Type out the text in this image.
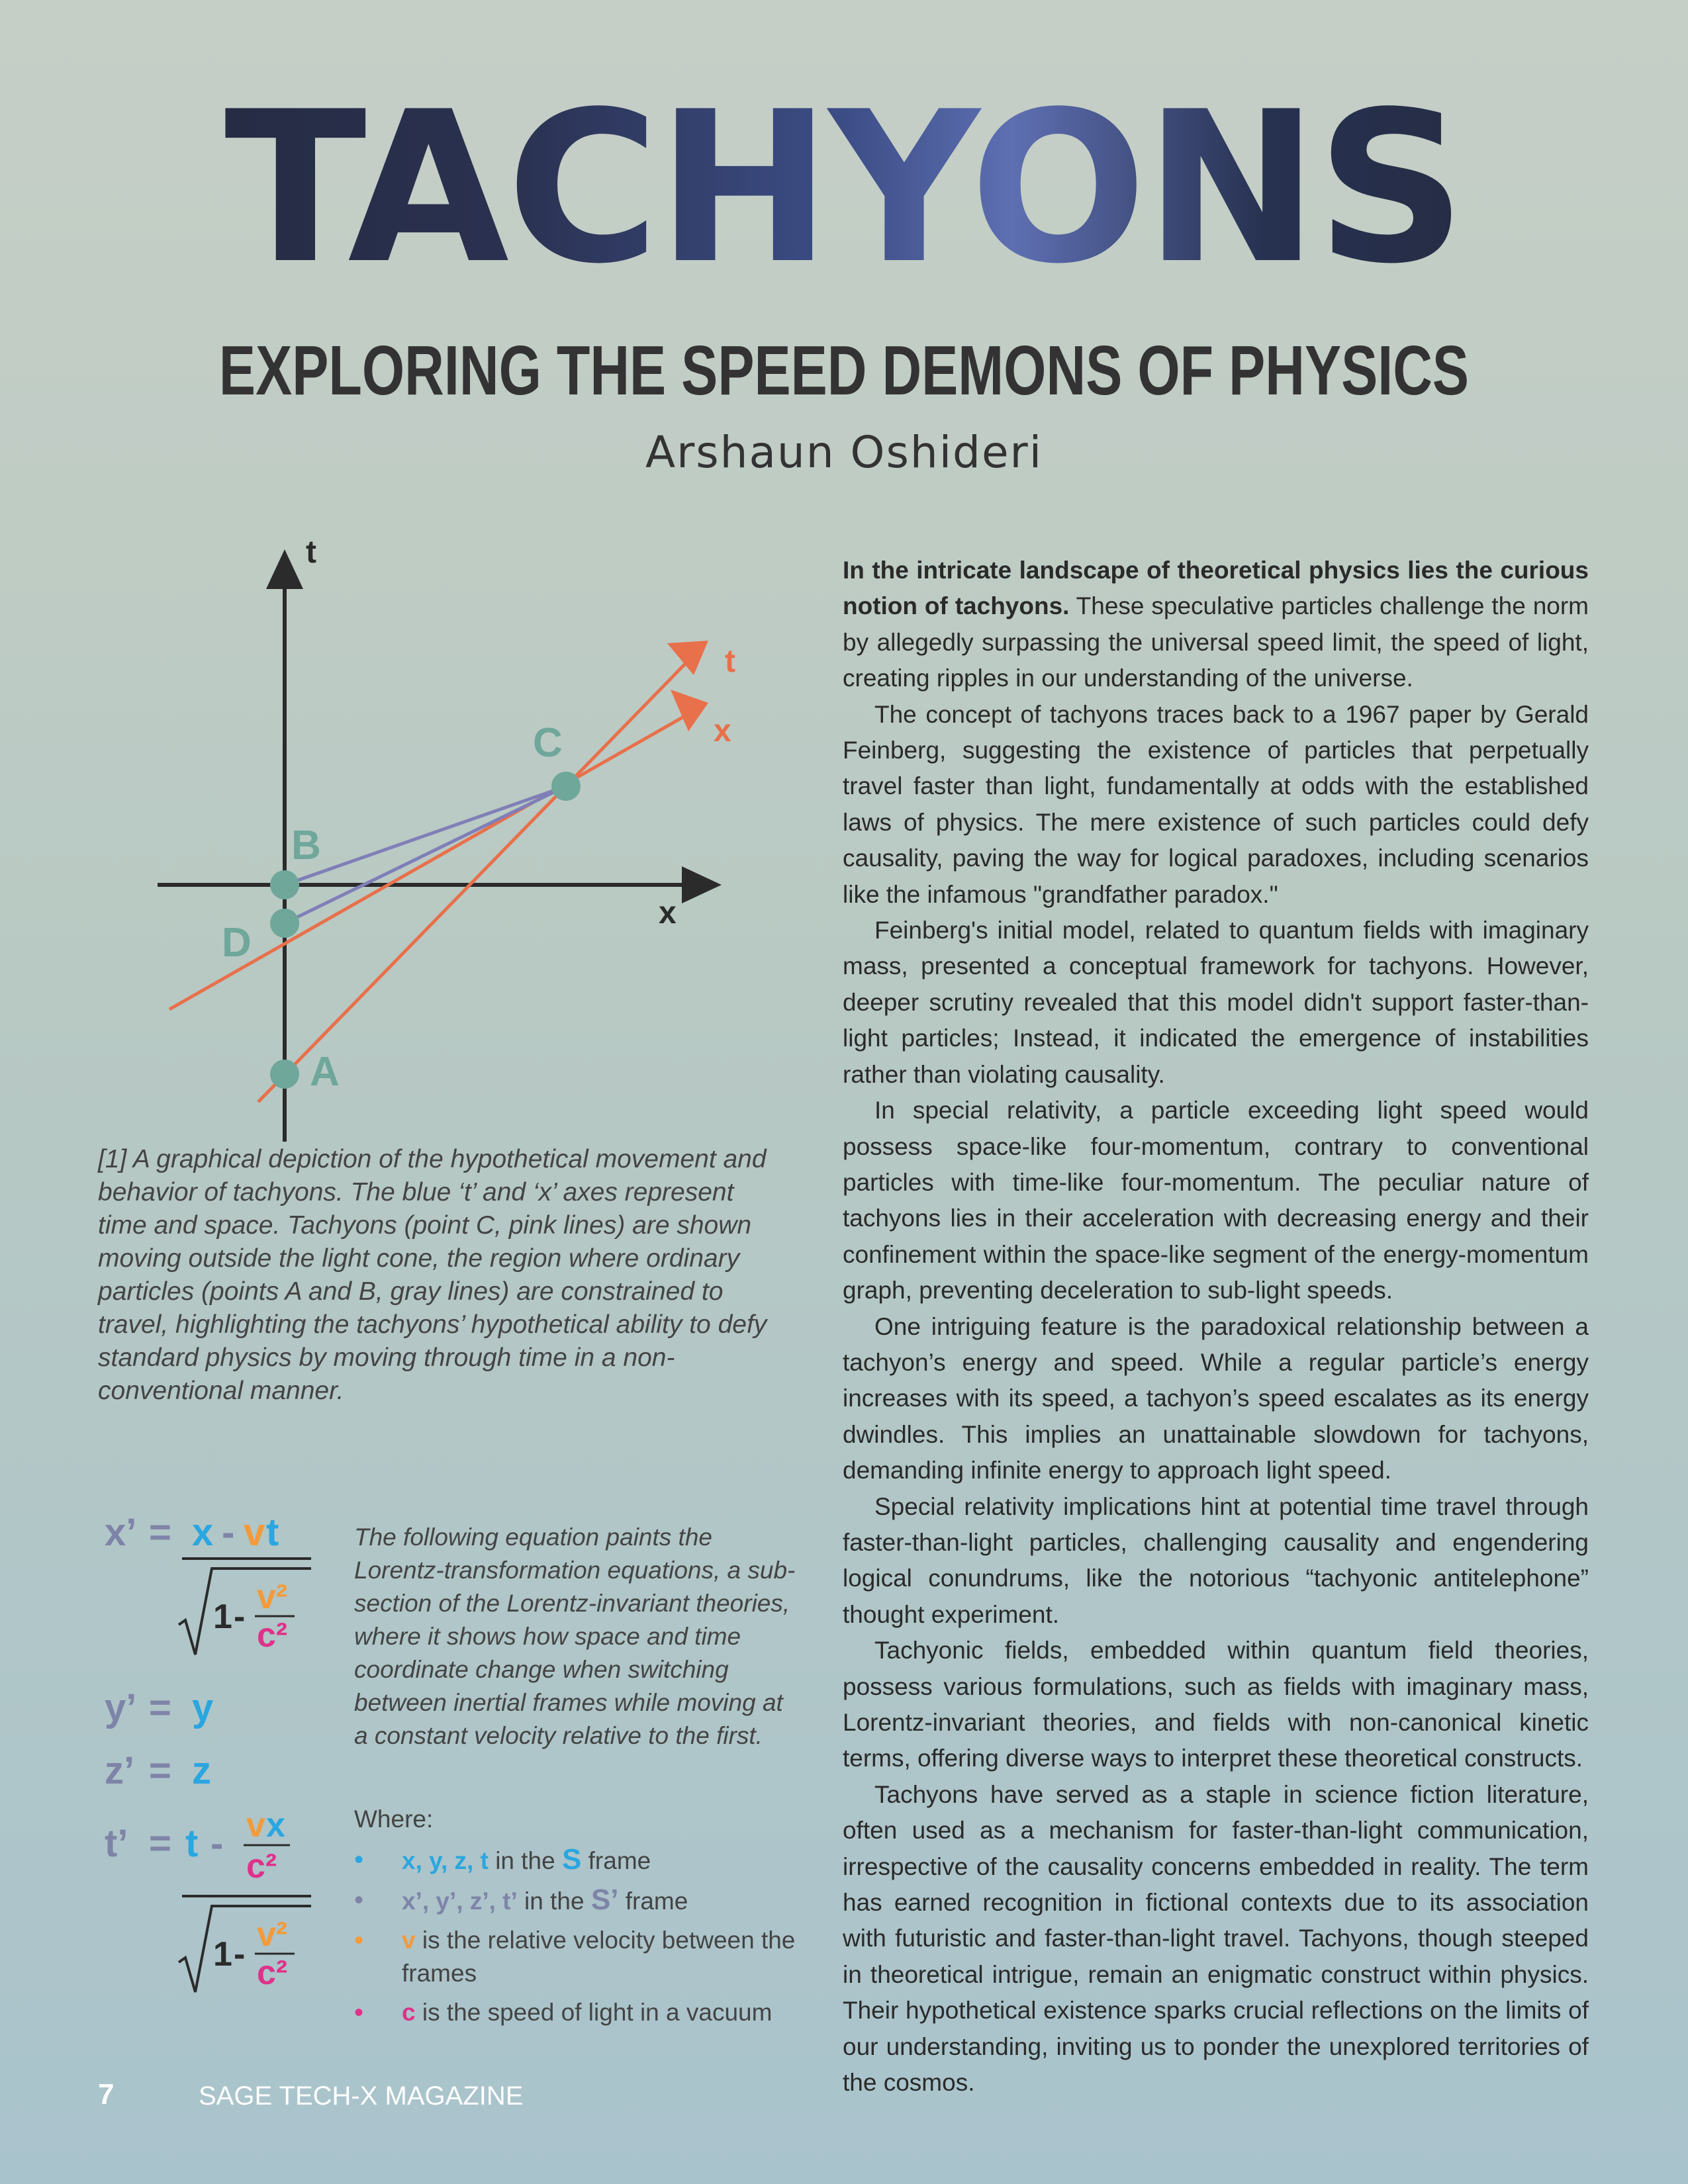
TACHYONS
EXPLORING THE SPEED DEMONS OF PHYSICS
Arshaun Oshideri
t
x
t
x
A
B
C
D
[1] A graphical depiction of the hypothetical movement and behavior of tachyons. The blue ‘t’ and ‘x’ axes represent time and space. Tachyons (point C, pink lines) are shown moving outside the light cone, the region where ordinary particles (points A and B, gray lines) are constrained to travel, highlighting the tachyons’ hypothetical ability to defy standard physics by moving through time in a non-conventional manner.

In the intricate landscape of theoretical physics lies the curious notion of tachyons. These speculative particles challenge the norm by allegedly surpassing the universal speed limit, the speed of light, creating ripples in our understanding of the universe.

The concept of tachyons traces back to a 1967 paper by Gerald Feinberg, suggesting the existence of particles that perpetually travel faster than light, fundamentally at odds with the established laws of physics. The mere existence of such particles could defy causality, paving the way for logical paradoxes, including scenarios like the infamous "grandfather paradox."

Feinberg's initial model, related to quantum fields with imaginary mass, presented a conceptual framework for tachyons. However, deeper scrutiny revealed that this model didn't support faster-than-light particles; Instead, it indicated the emergence of instabilities rather than violating causality.

In special relativity, a particle exceeding light speed would possess space-like four-momentum, contrary to conventional particles with time-like four-momentum. The peculiar nature of tachyons lies in their acceleration with decreasing energy and their confinement within the space-like segment of the energy-momentum graph, preventing deceleration to sub-light speeds.

One intriguing feature is the paradoxical relationship between a tachyon’s energy and speed. While a regular particle’s energy increases with its speed, a tachyon’s speed escalates as its energy dwindles. This implies an unattainable slowdown for tachyons, demanding infinite energy to approach light speed.

Special relativity implications hint at potential time travel through faster-than-light particles, challenging causality and engendering logical conundrums, like the notorious “tachyonic antitelephone” thought experiment.

Tachyonic fields, embedded within quantum field theories, possess various formulations, such as fields with imaginary mass, Lorentz-invariant theories, and fields with non-canonical kinetic terms, offering diverse ways to interpret these theoretical constructs.

Tachyons have served as a staple in science fiction literature, often used as a mechanism for faster-than-light communication, irrespective of the causality concerns embedded in reality. The term has earned recognition in fictional contexts due to its association with futuristic and faster-than-light travel. Tachyons, though steeped in theoretical intrigue, remain an enigmatic construct within physics. Their hypothetical existence sparks crucial reflections on the limits of our understanding, inviting us to ponder the unexplored territories of the cosmos.

x’ = x - v t
1 -
v²
c²
y’ = y
z’ = z
t’ = t - v x
c²
1 -
v²
c²
The following equation paints the Lorentz-transformation equations, a sub-section of the Lorentz-invariant theories, where it shows how space and time coordinate change when switching between inertial frames while moving at a constant velocity relative to the first.
Where:
• x, y, z, t in the S frame
• x’, y’, z’, t’ in the S’ frame
• v is the relative velocity between the frames
• c is the speed of light in a vacuum
7	SAGE TECH-X MAGAZINE
